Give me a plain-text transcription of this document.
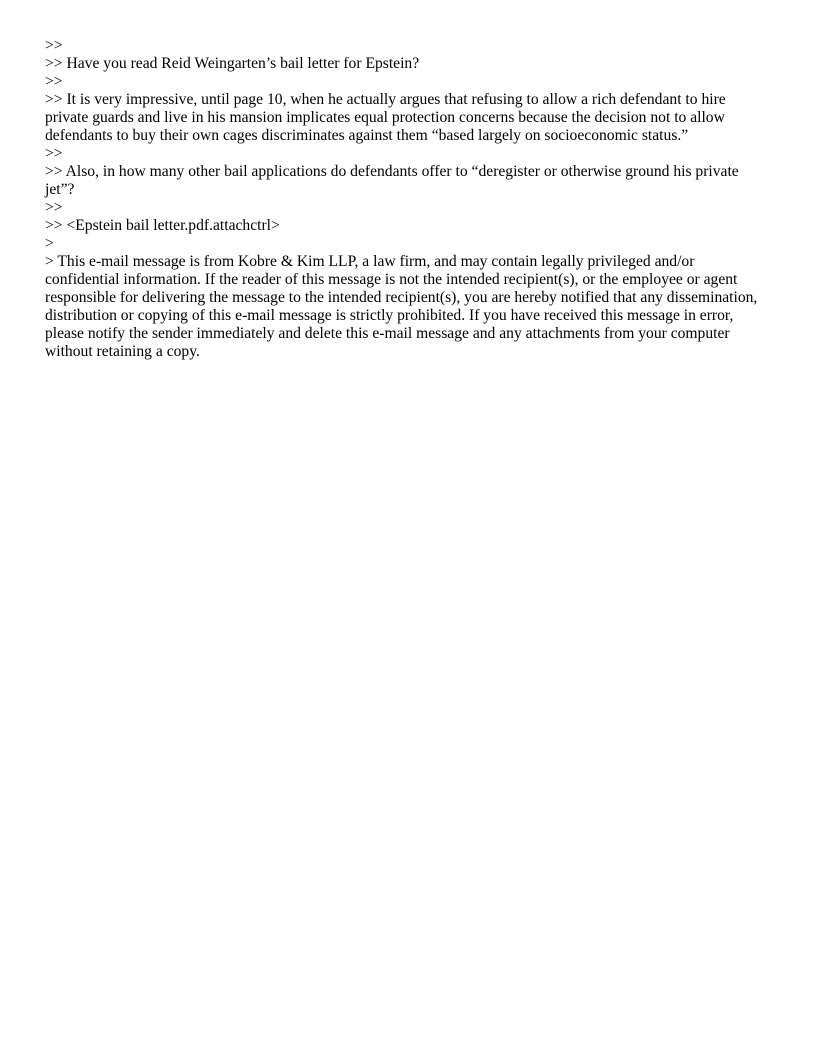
>>

>> Have you read Reid Weingarten’s bail letter for Epstein?

>>

>> It is very impressive, until page 10, when he actually argues that refusing to allow a rich defendant to hire private guards and live in his mansion implicates equal protection concerns because the decision not to allow defendants to buy their own cages discriminates against them “based largely on socioeconomic status.”

>>

>> Also, in how many other bail applications do defendants offer to “deregister or otherwise ground his private jet”?

>>

>> <Epstein bail letter.pdf.attachctrl>

>

> This e-mail message is from Kobre & Kim LLP, a law firm, and may contain legally privileged and/or confidential information. If the reader of this message is not the intended recipient(s), or the employee or agent responsible for delivering the message to the intended recipient(s), you are hereby notified that any dissemination, distribution or copying of this e-mail message is strictly prohibited. If you have received this message in error, please notify the sender immediately and delete this e-mail message and any attachments from your computer without retaining a copy.
